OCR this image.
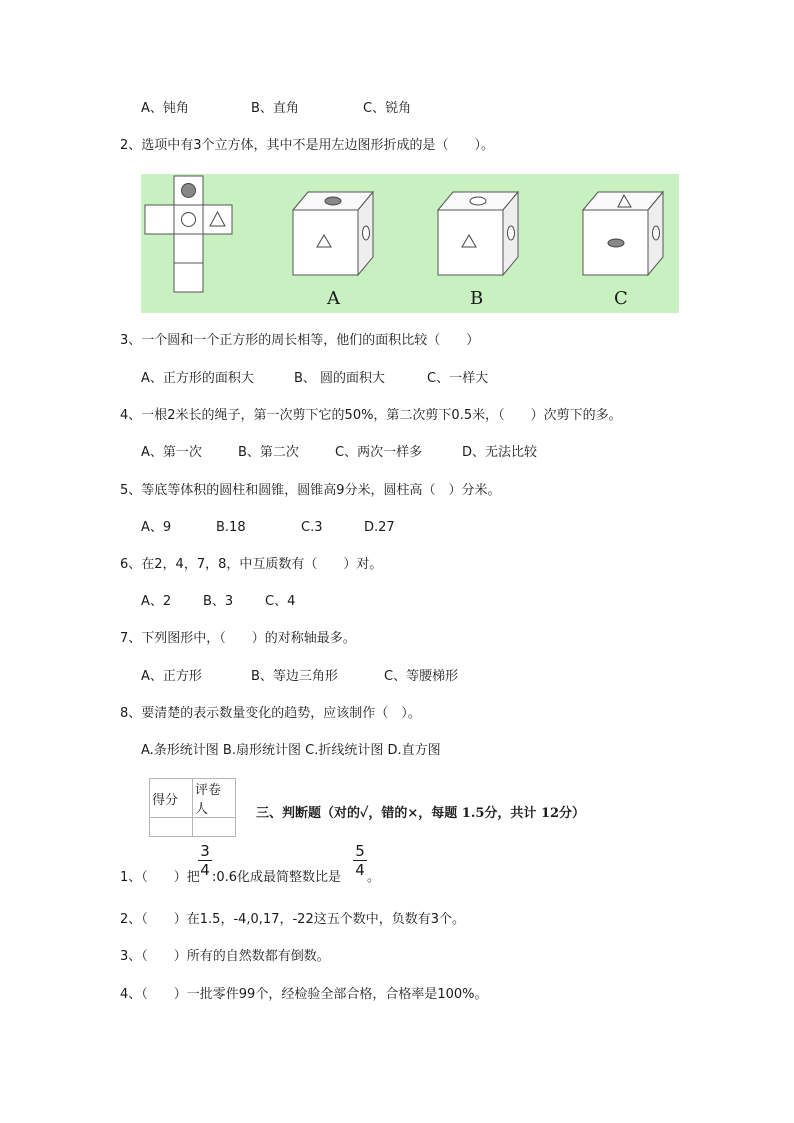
A、钝角	B、直角	C、锐角
2、选项中有3个立方体，其中不是用左边图形折成的是（　　）。
A	B	C
3、一个圆和一个正方形的周长相等，他们的面积比较（　　）
A、正方形的面积大	B、 圆的面积大	C、一样大
4、一根2米长的绳子，第一次剪下它的50%，第二次剪下0.5米，（　　）次剪下的多。
A、第一次	B、第二次	C、两次一样多	D、无法比较
5、等底等体积的圆柱和圆锥，圆锥高9分米，圆柱高（　）分米。
A、9	B.18	C.3	D.27
6、在2，4，7，8，中互质数有（　　）对。
A、2 B、3 C、4
7、下列图形中，（　　）的对称轴最多。
A、正方形	B、等边三角形	C、等腰梯形
8、要清楚的表示数量变化的趋势，应该制作（　）。
A.条形统计图 B.扇形统计图 C.折线统计图 D.直方图
得分	评卷人
		三、判断题（对的✓，错的×，每题 1.5分，共计 12分）
1、（　　）把
3
4 :0.6化成最简整数比是
5
4 。
2、（　　）在1.5，-4,0,17，-22这五个数中，负数有3个。
3、（　　）所有的自然数都有倒数。
4、（　　）一批零件99个，经检验全部合格，合格率是100%。
